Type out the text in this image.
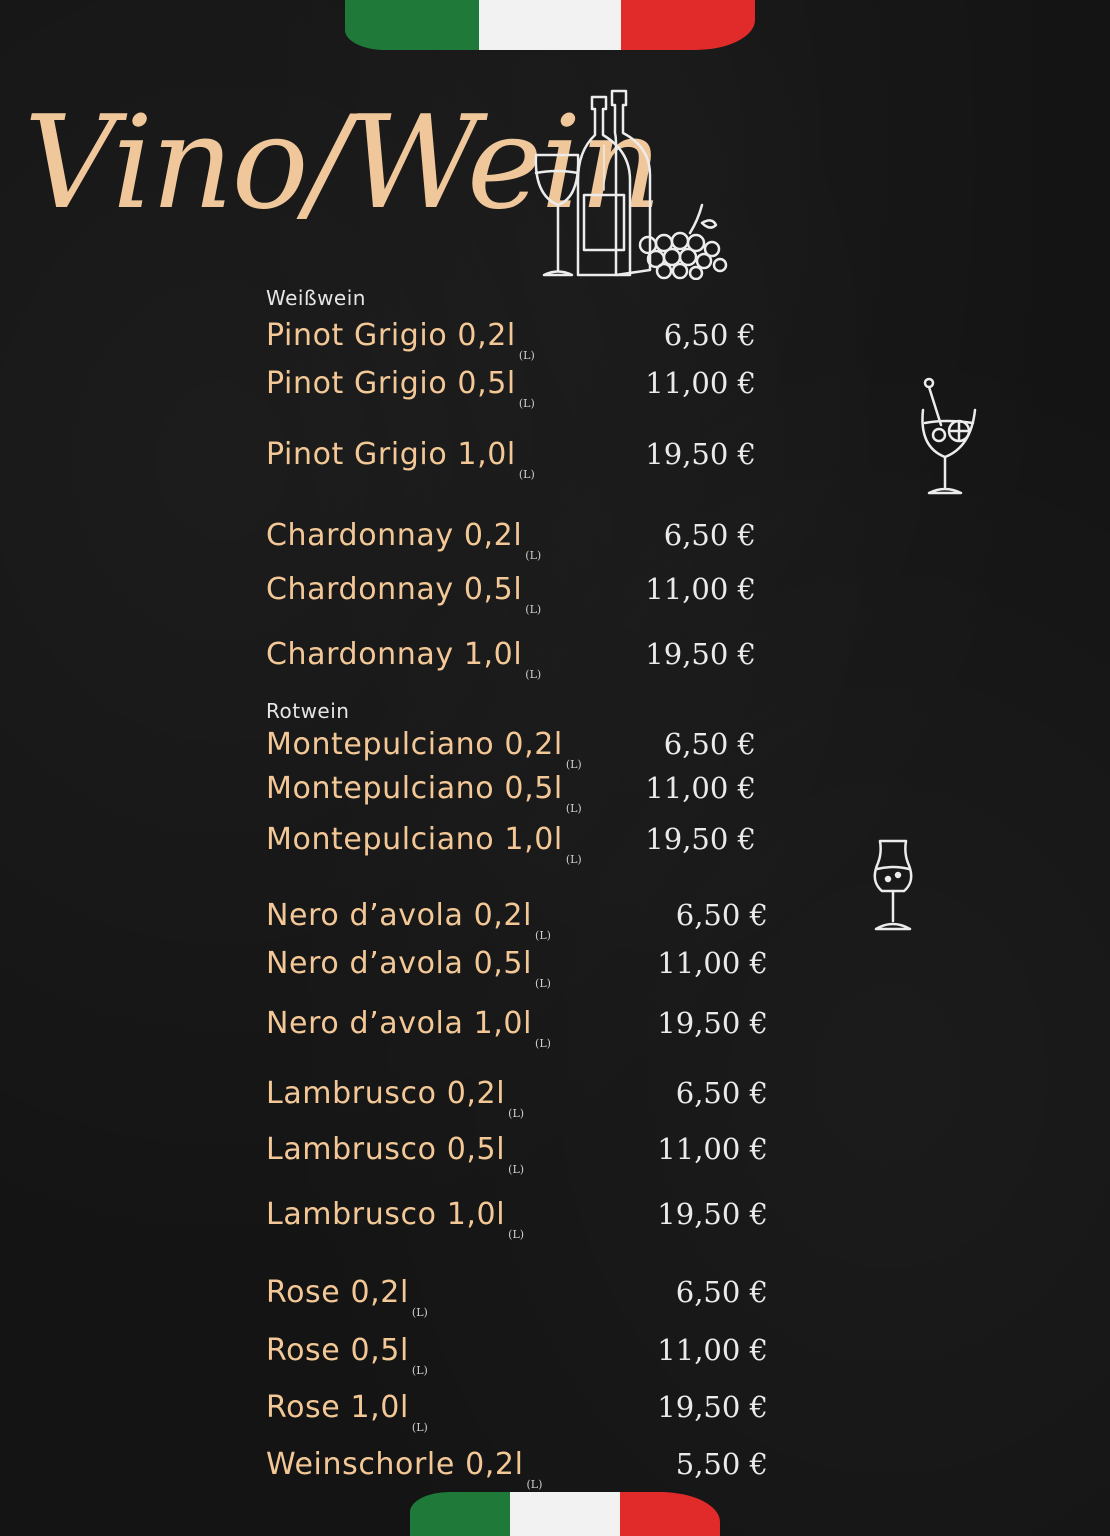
Vino/Wein
Weißwein
Rotwein
Pinot Grigio $0,2l_{(L)}$
6,50 €
Pinot Grigio $0,5l_{(L)}$
11,00 €
Pinot Grigio $1,0l_{(L)}$
19,50 €
Chardonnay $0,2l_{(L)}$
6,50 €
Chardonnay $0,5l_{(L)}$
11,00 €
Chardonnay $1,0l_{(L)}$
19,50 €
Montepulciano $0,2l_{(L)}$
6,50 €
Montepulciano $0,5l_{(L)}$
11,00 €
Montepulciano $1,0l_{(L)}$
19,50 €
Nero d’avola $0,2l_{(L)}$
6,50 €
Nero d’avola $0,5l_{(L)}$
11,00 €
Nero d’avola $1,0l_{(L)}$
19,50 €
Lambrusco $0,2l_{(L)}$
6,50 €
Lambrusco $0,5l_{(L)}$
11,00 €
Lambrusco $1,0l_{(L)}$
19,50 €
Rose $0,2l_{(L)}$
6,50 €
Rose $0,5l_{(L)}$
11,00 €
Rose $1,0l_{(L)}$
19,50 €
Weinschorle $0,2l_{(L)}$
5,50 €
